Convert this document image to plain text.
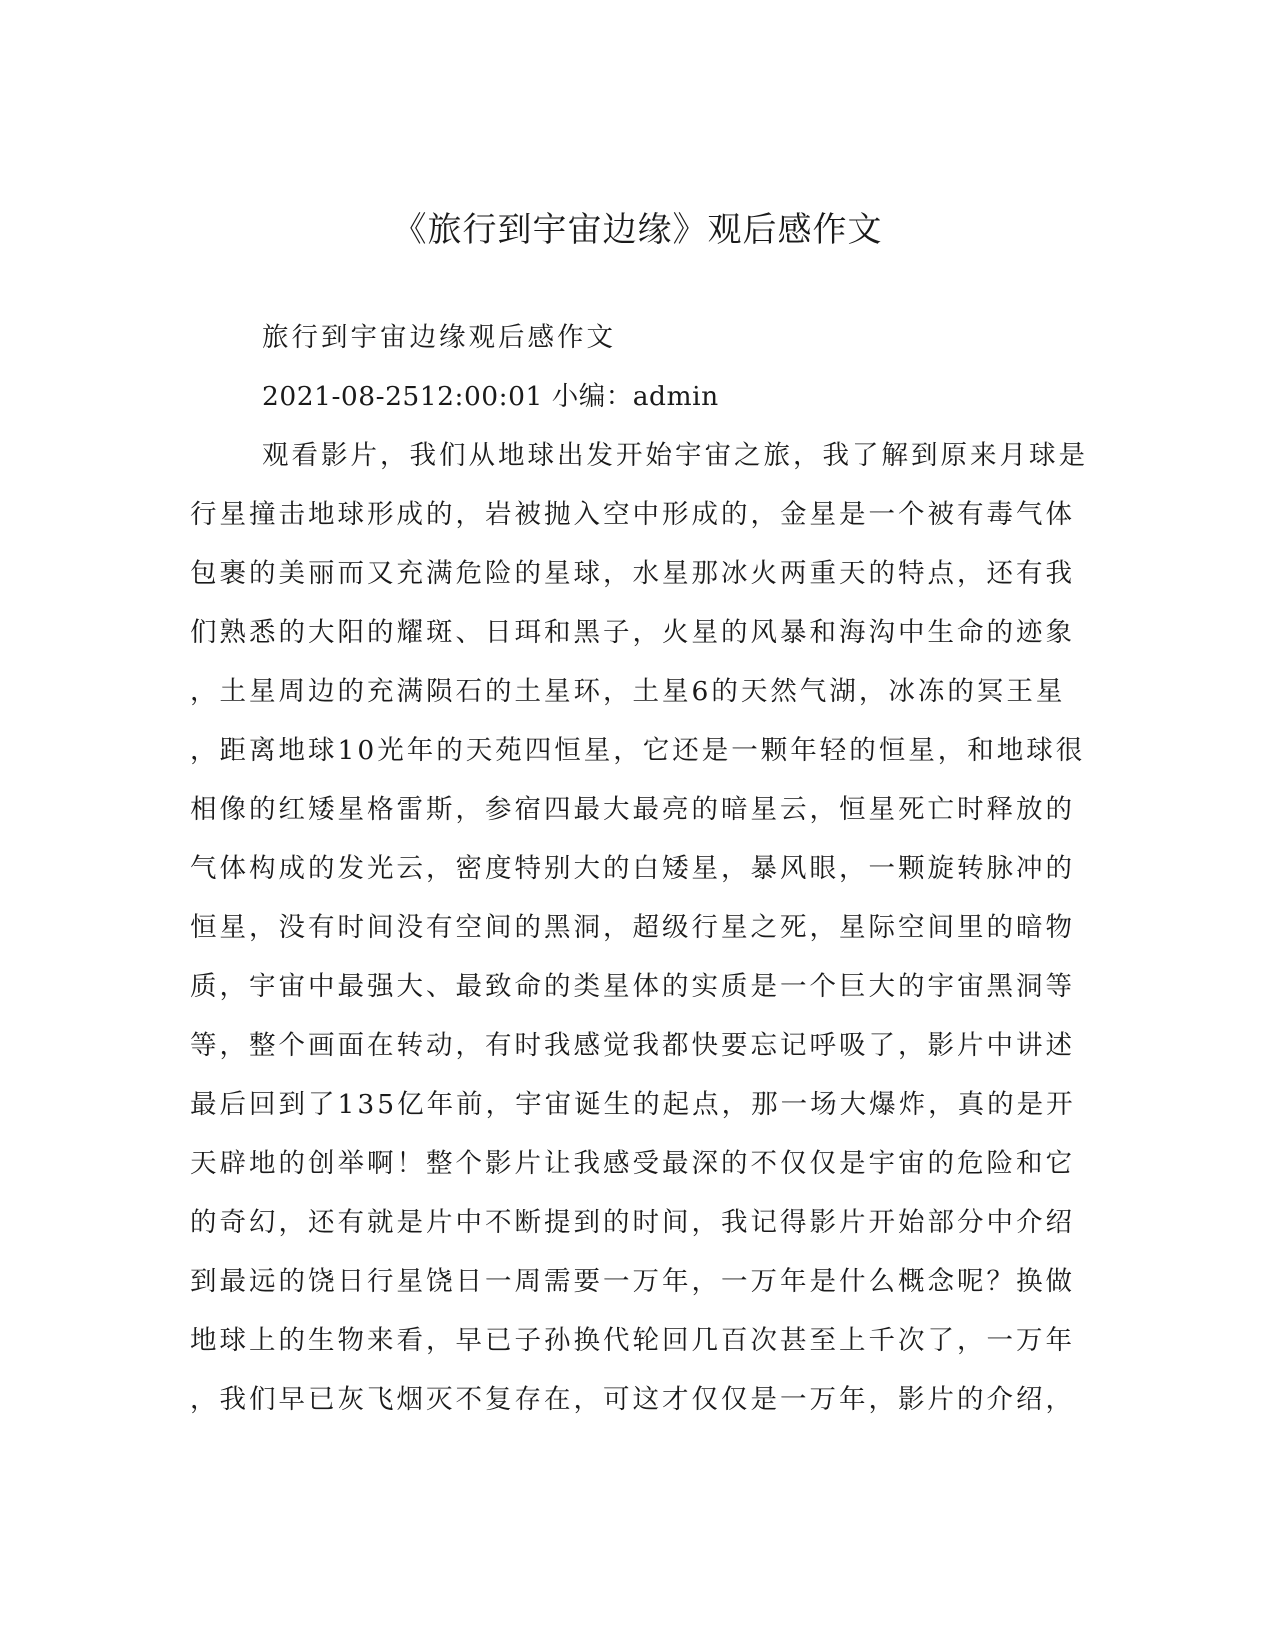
《旅行到宇宙边缘》观后感作文

旅行到宇宙边缘观后感作文

2021-08-2512:00:01 小编：admin

观看影片，我们从地球出发开始宇宙之旅，我了解到原来月球是

行星撞击地球形成的，岩被抛入空中形成的，金星是一个被有毒气体

包裹的美丽而又充满危险的星球，水星那冰火两重天的特点，还有我

们熟悉的大阳的耀斑、日珥和黑子，火星的风暴和海沟中生命的迹象

，土星周边的充满陨石的土星环，土星6的天然气湖，冰冻的冥王星

，距离地球10光年的天苑四恒星，它还是一颗年轻的恒星，和地球很

相像的红矮星格雷斯，参宿四最大最亮的暗星云，恒星死亡时释放的

气体构成的发光云，密度特别大的白矮星，暴风眼，一颗旋转脉冲的

恒星，没有时间没有空间的黑洞，超级行星之死，星际空间里的暗物

质，宇宙中最强大、最致命的类星体的实质是一个巨大的宇宙黑洞等

等，整个画面在转动，有时我感觉我都快要忘记呼吸了，影片中讲述

最后回到了135亿年前，宇宙诞生的起点，那一场大爆炸，真的是开

天辟地的创举啊！整个影片让我感受最深的不仅仅是宇宙的危险和它

的奇幻，还有就是片中不断提到的时间，我记得影片开始部分中介绍

到最远的饶日行星饶日一周需要一万年，一万年是什么概念呢？换做

地球上的生物来看，早已子孙换代轮回几百次甚至上千次了，一万年

，我们早已灰飞烟灭不复存在，可这才仅仅是一万年，影片的介绍，
